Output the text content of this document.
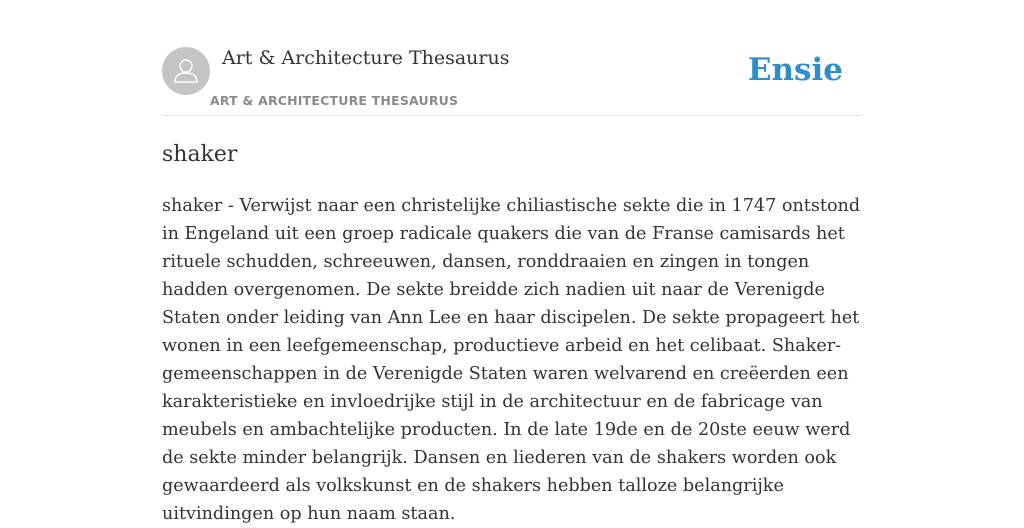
Art & Architecture Thesaurus
ART & ARCHITECTURE THESAURUS
Ensie
shaker

shaker - Verwijst naar een christelijke chiliastische sekte die in 1747 ontstond in Engeland uit een groep radicale quakers die van de Franse camisards het rituele schudden, schreeuwen, dansen, ronddraaien en zingen in tongen hadden overgenomen. De sekte breidde zich nadien uit naar de Verenigde Staten onder leiding van Ann Lee en haar discipelen. De sekte propageert het wonen in een leefgemeenschap, productieve arbeid en het celibaat. Shaker-gemeenschappen in de Verenigde Staten waren welvarend en creëerden een karakteristieke en invloedrijke stijl in de architectuur en de fabricage van meubels en ambachtelijke producten. In de late 19de en de 20ste eeuw werd de sekte minder belangrijk. Dansen en liederen van de shakers worden ook gewaardeerd als volkskunst en de shakers hebben talloze belangrijke uitvindingen op hun naam staan.
